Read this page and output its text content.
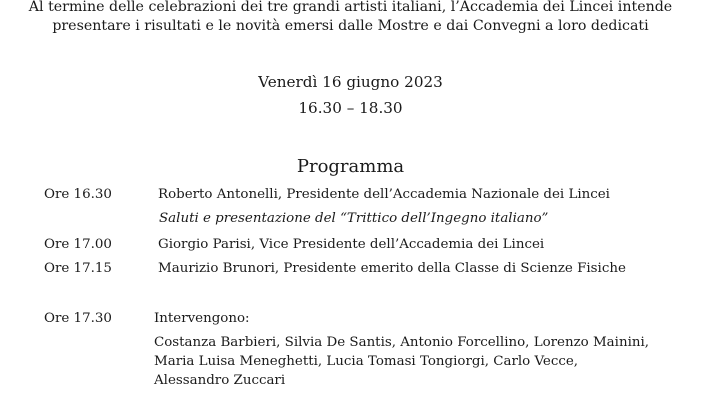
Al termine delle celebrazioni dei tre grandi artisti italiani, l’Accademia dei Lincei intende
presentare i risultati e le novità emersi dalle Mostre e dai Convegni a loro dedicati
Venerdì 16 giugno 2023
16.30 – 18.30
Programma
Ore 16.30	Roberto Antonelli, Presidente dell’Accademia Nazionale dei Lincei
Saluti e presentazione del “Trittico dell’Ingegno italiano”
Ore 17.00	Giorgio Parisi, Vice Presidente dell’Accademia dei Lincei
Ore 17.15	Maurizio Brunori, Presidente emerito della Classe di Scienze Fisiche
Ore 17.30	Intervengono:
Costanza Barbieri, Silvia De Santis, Antonio Forcellino, Lorenzo Mainini, Maria Luisa Meneghetti, Lucia Tomasi Tongiorgi, Carlo Vecce, Alessandro Zuccari
